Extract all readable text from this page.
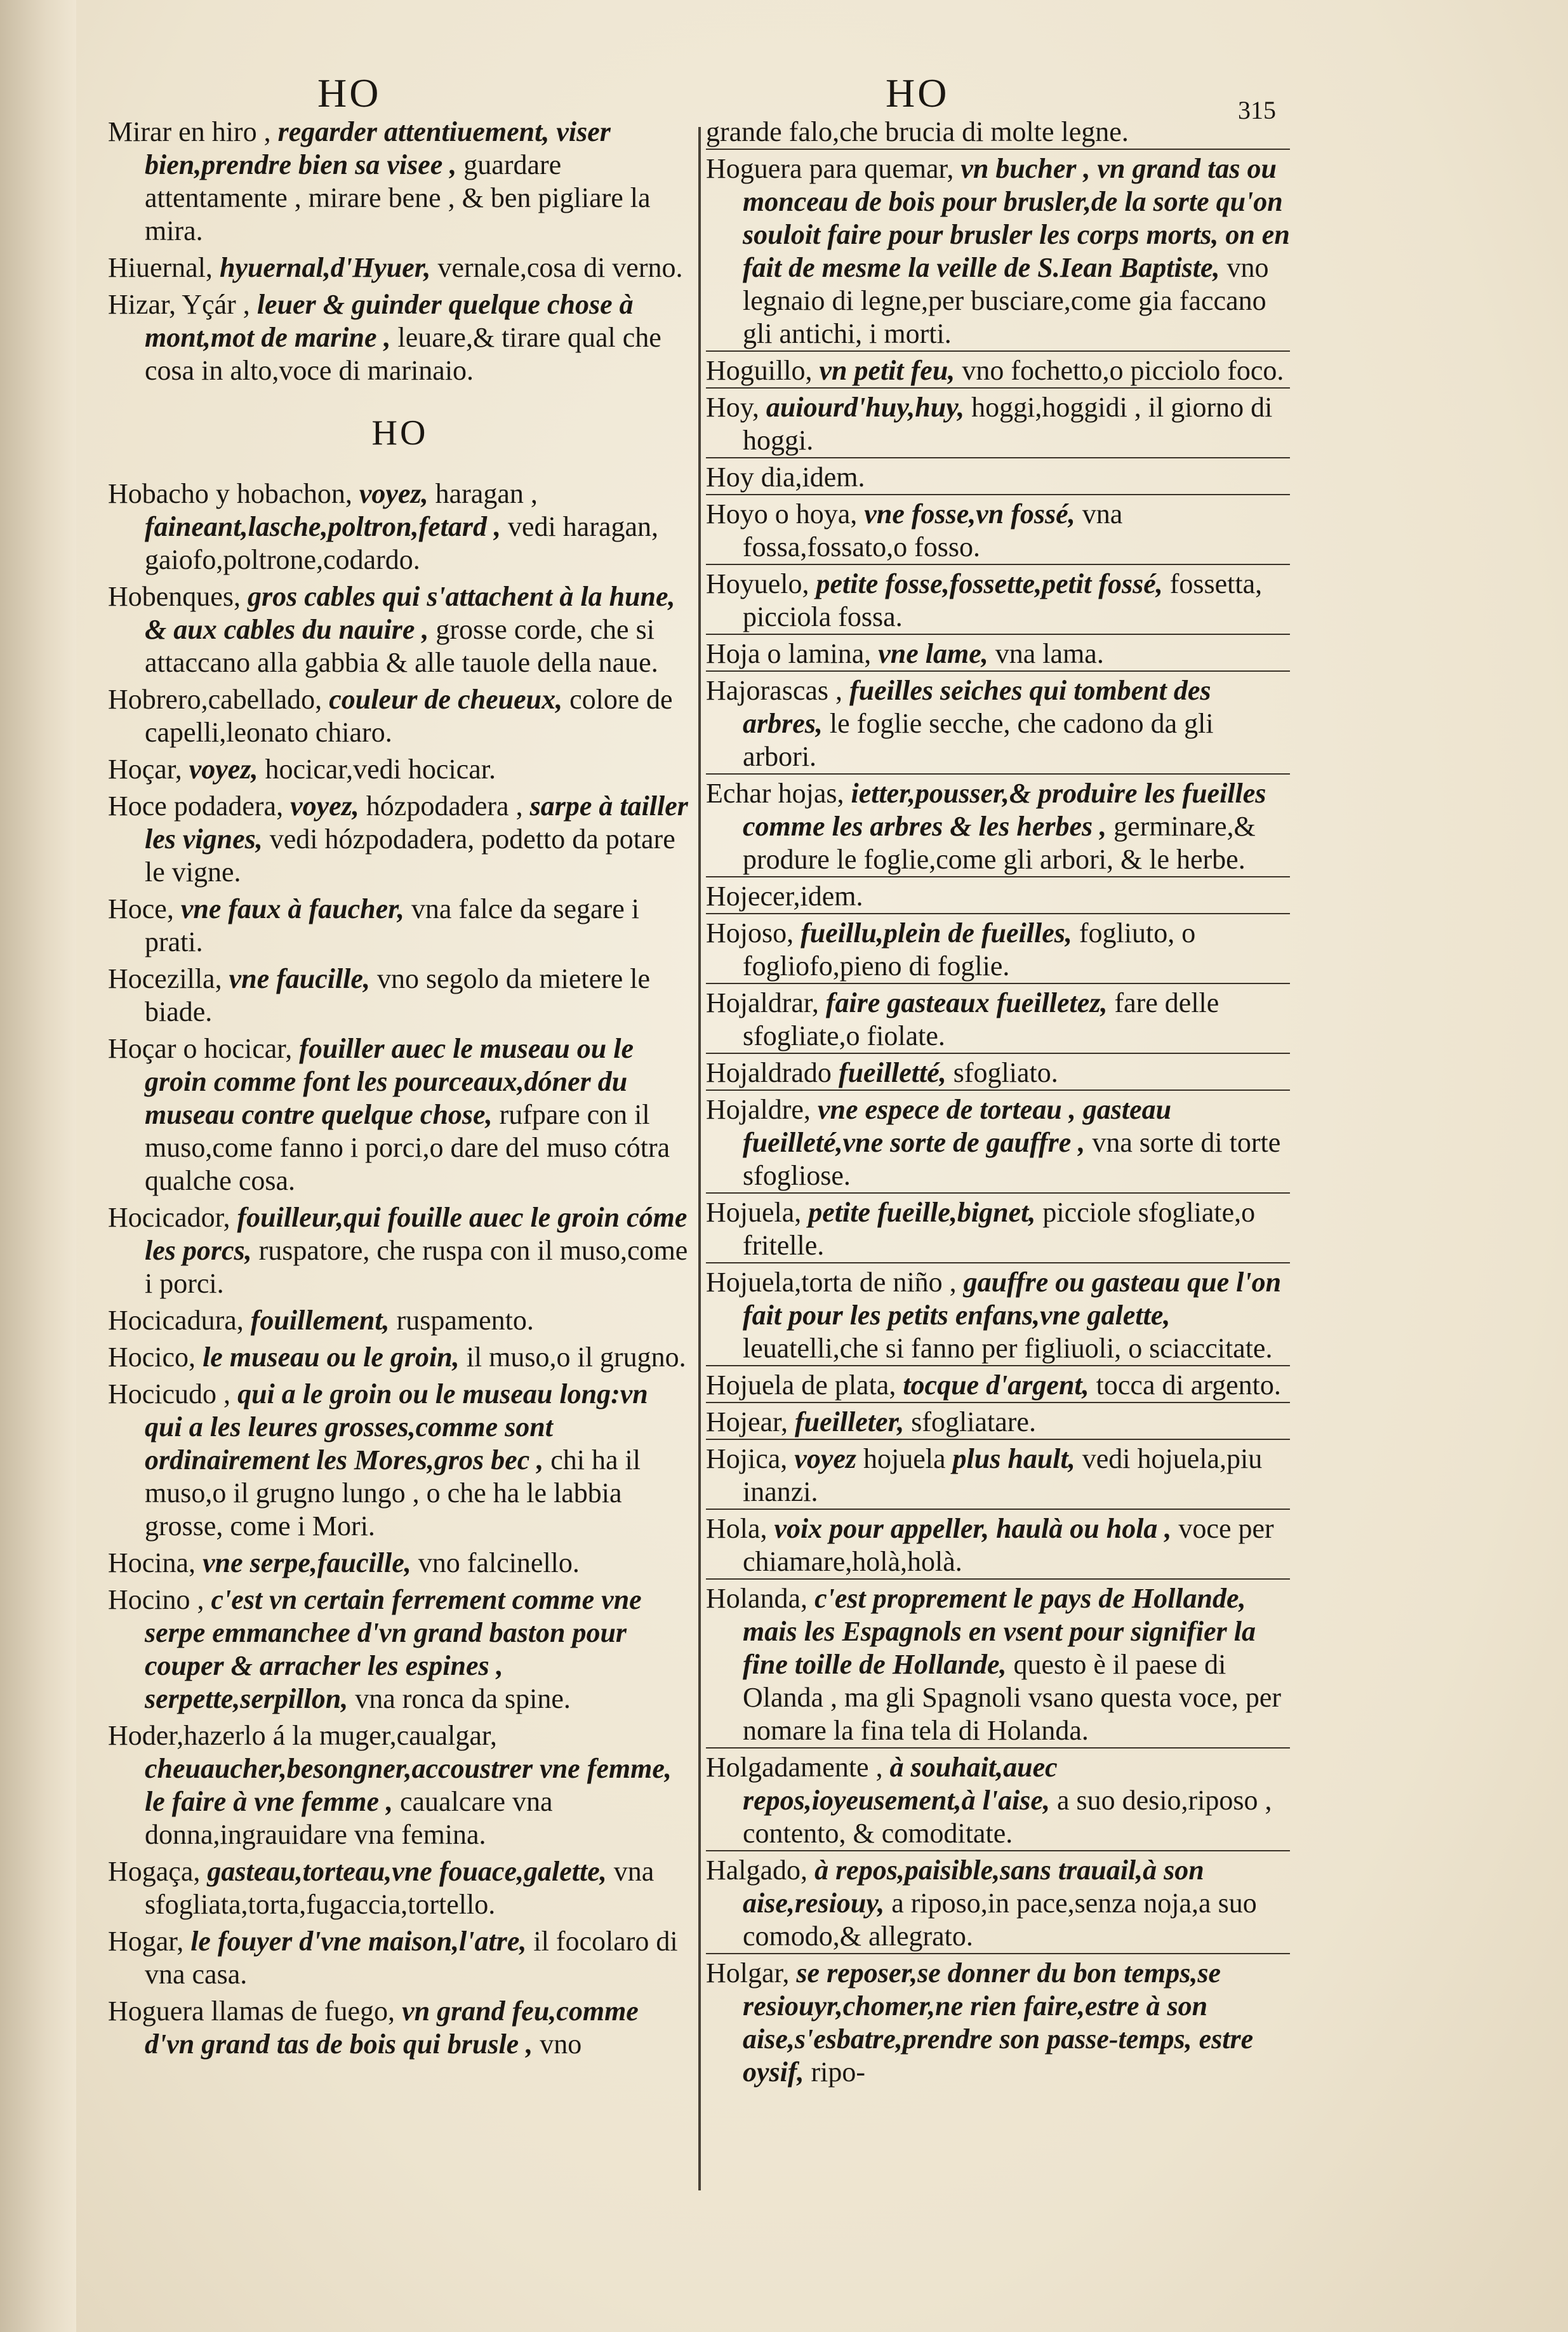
HO	HO	315
Mirar en hiro , regarder attentiuement, viser bien,prendre bien sa visee , guardare attentamente , mirare bene , & ben pigliare la mira.
Hiuernal, hyuernal,d'Hyuer, vernale,cosa di verno.
Hizar, Yçár , leuer & guinder quelque chose à mont,mot de marine , leuare,& tirare qual che cosa in alto,voce di marinaio.
HO
Hobacho y hobachon, voyez, haragan , faineant,lasche,poltron,fetard , vedi haragan, gaiofo,poltrone,codardo.
Hobenques, gros cables qui s'attachent à la hune, & aux cables du nauire , grosse corde, che si attaccano alla gabbia & alle tauole della naue.
Hobrero,cabellado, couleur de cheueux, colore de capelli,leonato chiaro.
Hoçar, voyez, hocicar,vedi hocicar.
Hoce podadera, voyez, hózpodadera , sarpe à tailler les vignes, vedi hózpodadera, podetto da potare le vigne.
Hoce, vne faux à faucher, vna falce da segare i prati.
Hocezilla, vne faucille, vno segolo da mietere le biade.
Hoçar o hocicar, fouiller auec le museau ou le groin comme font les pourceaux,dóner du museau contre quelque chose, rufpare con il muso,come fanno i porci,o dare del muso cótra qualche cosa.
Hocicador, fouilleur,qui fouille auec le groin cóme les porcs, ruspatore, che ruspa con il muso,come i porci.
Hocicadura, fouillement, ruspamento.
Hocico, le museau ou le groin, il muso,o il grugno.
Hocicudo , qui a le groin ou le museau long:vn qui a les leures grosses,comme sont ordinairement les Mores,gros bec , chi ha il muso,o il grugno lungo , o che ha le labbia grosse, come i Mori.
Hocina, vne serpe,faucille, vno falcinello.
Hocino , c'est vn certain ferrement comme vne serpe emmanchee d'vn grand baston pour couper & arracher les espines , serpette,serpillon, vna ronca da spine.
Hoder,hazerlo á la muger,caualgar, cheuaucher,besongner,accoustrer vne femme, le faire à vne femme , caualcare vna donna,ingrauidare vna femina.
Hogaça, gasteau,torteau,vne fouace,galette, vna sfogliata,torta,fugaccia,tortello.
Hogar, le fouyer d'vne maison,l'atre, il focolaro di vna casa.
Hoguera llamas de fuego, vn grand feu,comme d'vn grand tas de bois qui brusle , vno
grande falo,che brucia di molte legne.
Hoguera para quemar, vn bucher , vn grand tas ou monceau de bois pour brusler,de la sorte qu'on souloit faire pour brusler les corps morts, on en fait de mesme la veille de S.Iean Baptiste, vno legnaio di legne,per busciare,come gia faccano gli antichi, i morti.
Hoguillo, vn petit feu, vno fochetto,o picciolo foco.
Hoy, auiourd'huy,huy, hoggi,hoggidi , il giorno di hoggi.
Hoy dia,idem.
Hoyo o hoya, vne fosse,vn fossé, vna fossa,fossato,o fosso.
Hoyuelo, petite fosse,fossette,petit fossé, fossetta, picciola fossa.
Hoja o lamina, vne lame, vna lama.
Hajorascas , fueilles seiches qui tombent des arbres, le foglie secche, che cadono da gli arbori.
Echar hojas, ietter,pousser,& produire les fueilles comme les arbres & les herbes , germinare,& produre le foglie,come gli arbori, & le herbe.
Hojecer,idem.
Hojoso, fueillu,plein de fueilles, fogliuto, o fogliofo,pieno di foglie.
Hojaldrar, faire gasteaux fueilletez, fare delle sfogliate,o fiolate.
Hojaldrado fueilletté, sfogliato.
Hojaldre, vne espece de torteau , gasteau fueilleté,vne sorte de gauffre , vna sorte di torte sfogliose.
Hojuela, petite fueille,bignet, picciole sfogliate,o fritelle.
Hojuela,torta de niño , gauffre ou gasteau que l'on fait pour les petits enfans,vne galette, leuatelli,che si fanno per figliuoli, o sciaccitate.
Hojuela de plata, tocque d'argent, tocca di argento.
Hojear, fueilleter, sfogliatare.
Hojica, voyez hojuela plus hault, vedi hojuela,piu inanzi.
Hola, voix pour appeller, haulà ou hola , voce per chiamare,holà,holà.
Holanda, c'est proprement le pays de Hollande, mais les Espagnols en vsent pour signifier la fine toille de Hollande, questo è il paese di Olanda , ma gli Spagnoli vsano questa voce, per nomare la fina tela di Holanda.
Holgadamente , à souhait,auec repos,ioyeusement,à l'aise, a suo desio,riposo , contento, & comoditate.
Halgado, à repos,paisible,sans trauail,à son aise,resiouy, a riposo,in pace,senza noja,a suo comodo,& allegrato.
Holgar, se reposer,se donner du bon temps,se resiouyr,chomer,ne rien faire,estre à son aise,s'esbatre,prendre son passe-temps, estre oysif, ripo-
